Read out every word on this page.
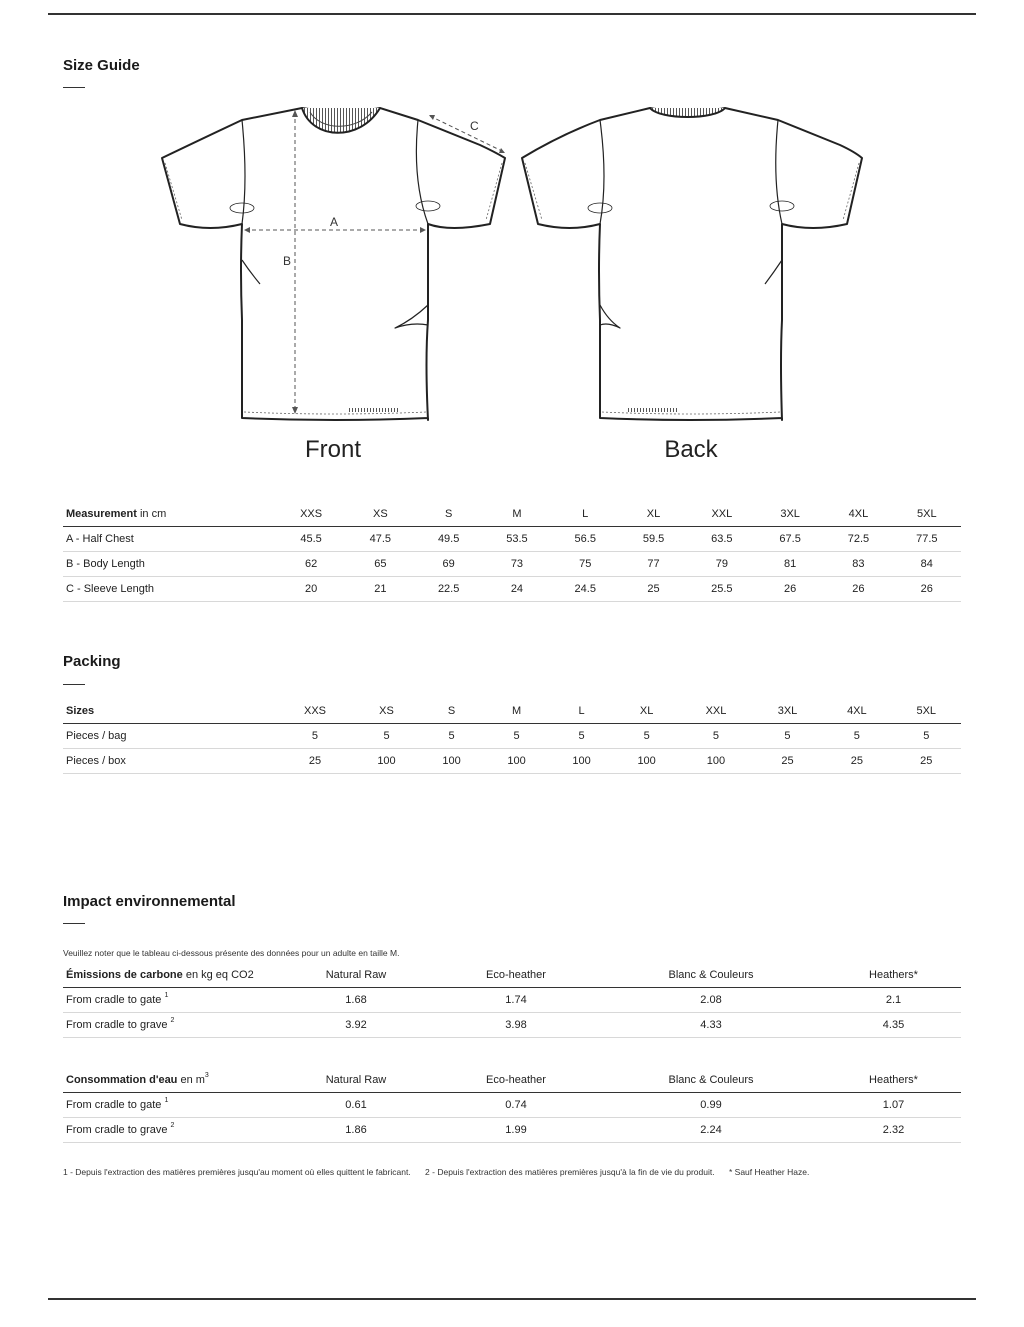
Size Guide
A
B
C
Front	Back
Measurement in cm	XXS	XS	S	M	L	XL	XXL	3XL	4XL	5XL
A - Half Chest	45.5	47.5	49.5	53.5	56.5	59.5	63.5	67.5	72.5	77.5
B - Body Length	62	65	69	73	75	77	79	81	83	84
C - Sleeve Length	20	21	22.5	24	24.5	25	25.5	26	26	26
Packing
Sizes	XXS	XS	S	M	L	XL	XXL	3XL	4XL	5XL
Pieces / bag	5	5	5	5	5	5	5	5	5	5
Pieces / box	25	100	100	100	100	100	100	25	25	25
Impact environnemental

Veuillez noter que le tableau ci-dessous présente des données pour un adulte en taille M.

Émissions de carbone en kg eq CO2	Natural Raw	Eco-heather	Blanc & Couleurs	Heathers*
From cradle to gate $^1$	1.68	1.74	2.08	2.1
From cradle to grave $^2$	3.92	3.98	4.33	4.35
Consommation d'eau en $m^3$	Natural Raw	Eco-heather	Blanc & Couleurs	Heathers*
From cradle to gate $^1$	0.61	0.74	0.99	1.07
From cradle to grave $^2$	1.86	1.99	2.24	2.32
1 - Depuis l'extraction des matières premières jusqu'au moment où elles quittent le fabricant. 2 - Depuis l'extraction des matières premières jusqu'à la fin de vie du produit. * Sauf Heather Haze.
